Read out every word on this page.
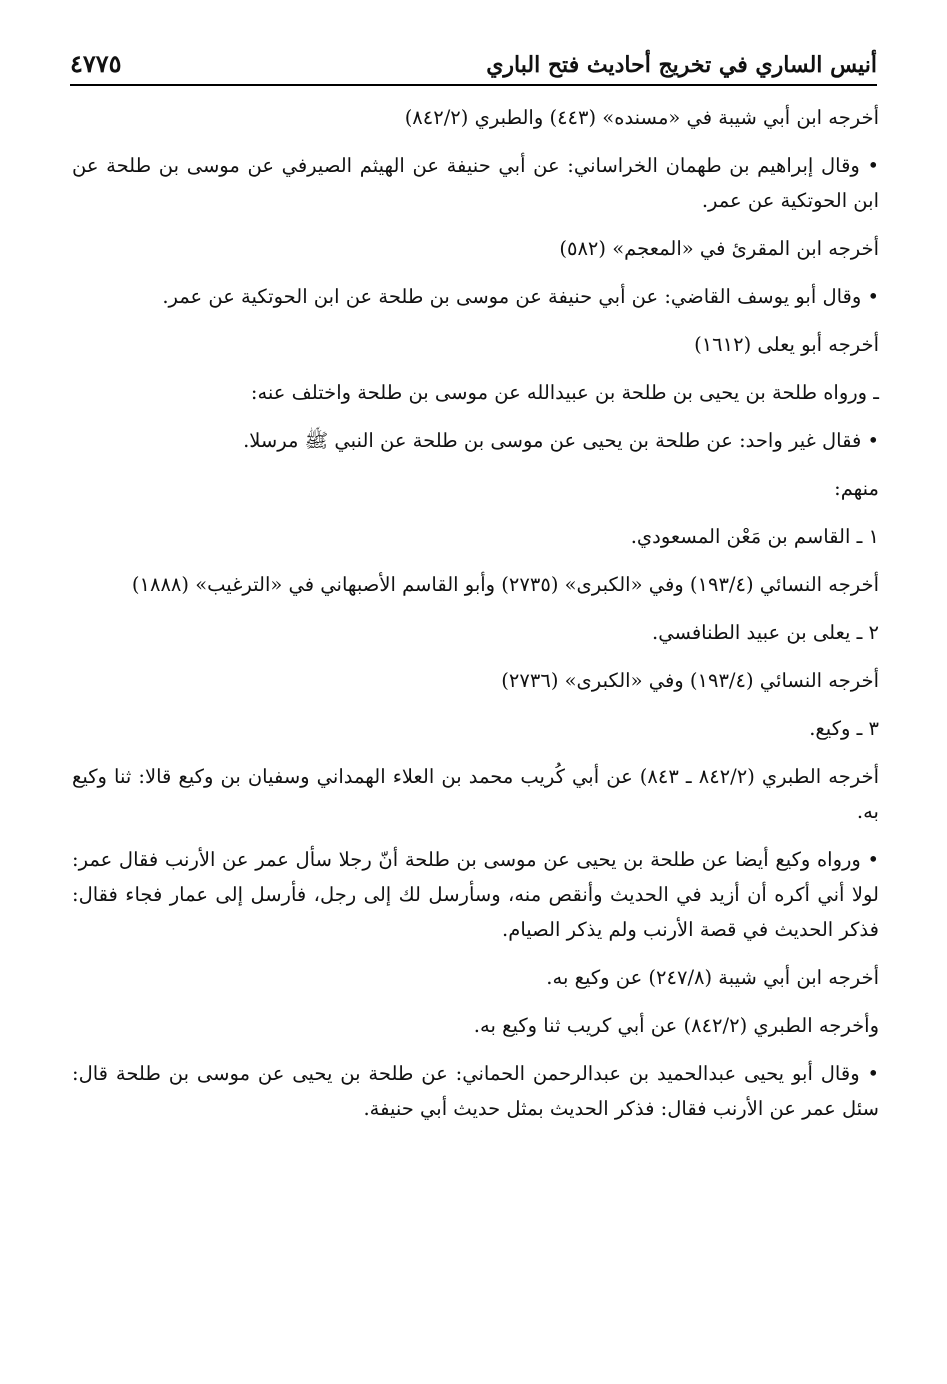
أنيس الساري في تخريج أحاديث فتح الباري
٤٧٧٥

أخرجه ابن أبي شيبة في «مسنده» (٤٤٣) والطبري (٨٤٢/٢)

• وقال إبراهيم بن طهمان الخراساني: عن أبي حنيفة عن الهيثم الصيرفي عن موسى بن طلحة عن ابن الحوتكية عن عمر.

أخرجه ابن المقرئ في «المعجم» (٥٨٢)

• وقال أبو يوسف القاضي: عن أبي حنيفة عن موسى بن طلحة عن ابن الحوتكية عن عمر.

أخرجه أبو يعلى (١٦١٢)

ـ ورواه طلحة بن يحيى بن طلحة بن عبيدالله عن موسى بن طلحة واختلف عنه:

• فقال غير واحد: عن طلحة بن يحيى عن موسى بن طلحة عن النبي ﷺ مرسلا.

منهم:

١ ـ القاسم بن مَعْن المسعودي.

أخرجه النسائي (١٩٣/٤) وفي «الكبرى» (٢٧٣٥) وأبو القاسم الأصبهاني في «الترغيب» (١٨٨٨)

٢ ـ يعلى بن عبيد الطنافسي.

أخرجه النسائي (١٩٣/٤) وفي «الكبرى» (٢٧٣٦)

٣ ـ وكيع.

أخرجه الطبري (٨٤٢/٢ ـ ٨٤٣) عن أبي كُريب محمد بن العلاء الهمداني وسفيان بن وكيع قالا: ثنا وكيع به.

• ورواه وكيع أيضا عن طلحة بن يحيى عن موسى بن طلحة أنّ رجلا سأل عمر عن الأرنب فقال عمر: لولا أني أكره أن أزيد في الحديث وأنقص منه، وسأرسل لك إلى رجل، فأرسل إلى عمار فجاء فقال: فذكر الحديث في قصة الأرنب ولم يذكر الصيام.

أخرجه ابن أبي شيبة (٢٤٧/٨) عن وكيع به.

وأخرجه الطبري (٨٤٢/٢) عن أبي كريب ثنا وكيع به.

• وقال أبو يحيى عبدالحميد بن عبدالرحمن الحماني: عن طلحة بن يحيى عن موسى بن طلحة قال: سئل عمر عن الأرنب فقال: فذكر الحديث بمثل حديث أبي حنيفة.
